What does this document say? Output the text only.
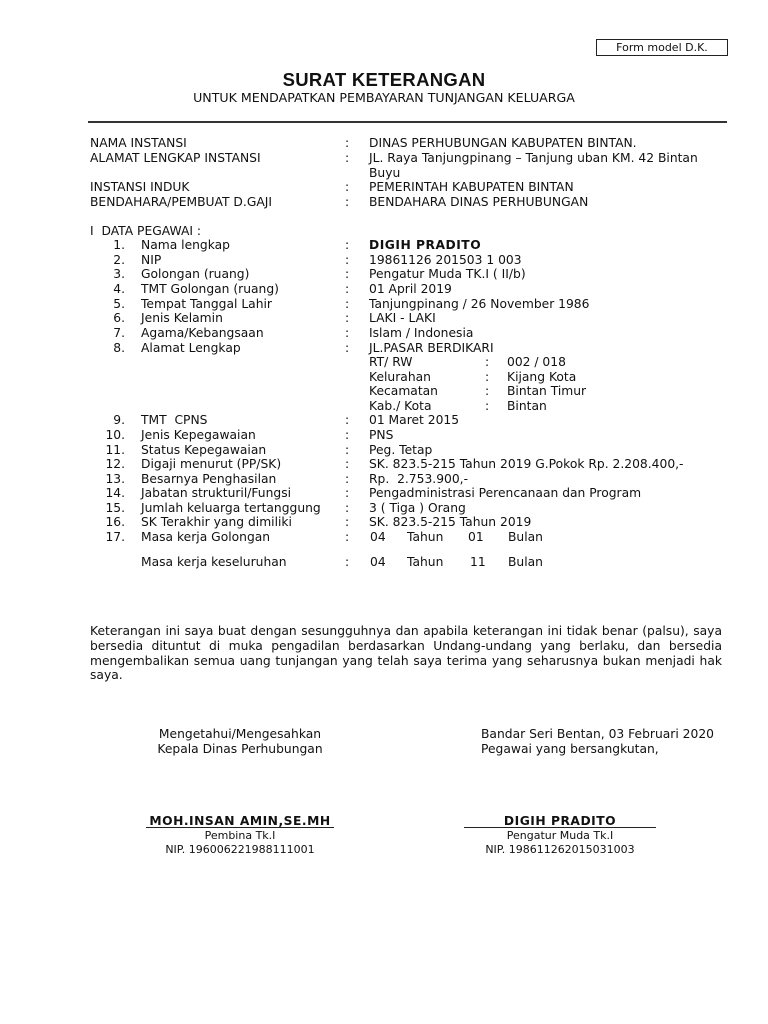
Form model D.K.
SURAT KETERANGAN
UNTUK MENDAPATKAN PEMBAYARAN TUNJANGAN KELUARGA
NAMA INSTANSI	: DINAS PERHUBUNGAN KABUPATEN BINTAN.
ALAMAT LENGKAP INSTANSI	: JL. Raya Tanjungpinang – Tanjung uban KM. 42 Bintan
Buyu
INSTANSI INDUK	: PEMERINTAH KABUPATEN BINTAN
BENDAHARA/PEMBUAT D.GAJI	: BENDAHARA DINAS PERHUBUNGAN
I  DATA PEGAWAI :
1. Nama lengkap	: DIGIH PRADITO
2. NIP	: 19861126 201503 1 003
3. Golongan (ruang)	: Pengatur Muda TK.I ( II/b)
4. TMT Golongan (ruang)	: 01 April 2019
5. Tempat Tanggal Lahir	: Tanjungpinang / 26 November 1986
6. Jenis Kelamin	: LAKI - LAKI
7. Agama/Kebangsaan	: Islam / Indonesia
8. Alamat Lengkap	: JL.PASAR BERDIKARI
RT/ RW	: 002 / 018
Kelurahan	: Kijang Kota
Kecamatan	: Bintan Timur
Kab./ Kota	: Bintan
9. TMT  CPNS	: 01 Maret 2015
10. Jenis Kepegawaian	: PNS
11. Status Kepegawaian	: Peg. Tetap
12. Digaji menurut (PP/SK)	: SK. 823.5-215 Tahun 2019 G.Pokok Rp. 2.208.400,-
13. Besarnya Penghasilan	: Rp.  2.753.900,-
14. Jabatan strukturil/Fungsi	: Pengadministrasi Perencanaan dan Program
15. Jumlah keluarga tertanggung : 3 ( Tiga ) Orang
16. SK Terakhir yang dimiliki	: SK. 823.5-215 Tahun 2019
17. Masa kerja Golongan	: 04 Tahun 01 Bulan
Masa kerja keseluruhan	: 04 Tahun 11 Bulan
Keterangan ini saya buat dengan sesungguhnya dan apabila keterangan ini tidak benar (palsu), saya bersedia dituntut di muka pengadilan berdasarkan Undang-undang yang berlaku, dan bersedia mengembalikan semua uang tunjangan yang telah saya terima yang seharusnya bukan menjadi hak saya.
Mengetahui/Mengesahkan
Kepala Dinas Perhubungan
Bandar Seri Bentan, 03 Februari 2020
Pegawai yang bersangkutan,
MOH.INSAN AMIN,SE.MH
Pembina Tk.I
NIP. 196006221988111001
DIGIH PRADITO
Pengatur Muda Tk.I
NIP. 198611262015031003
